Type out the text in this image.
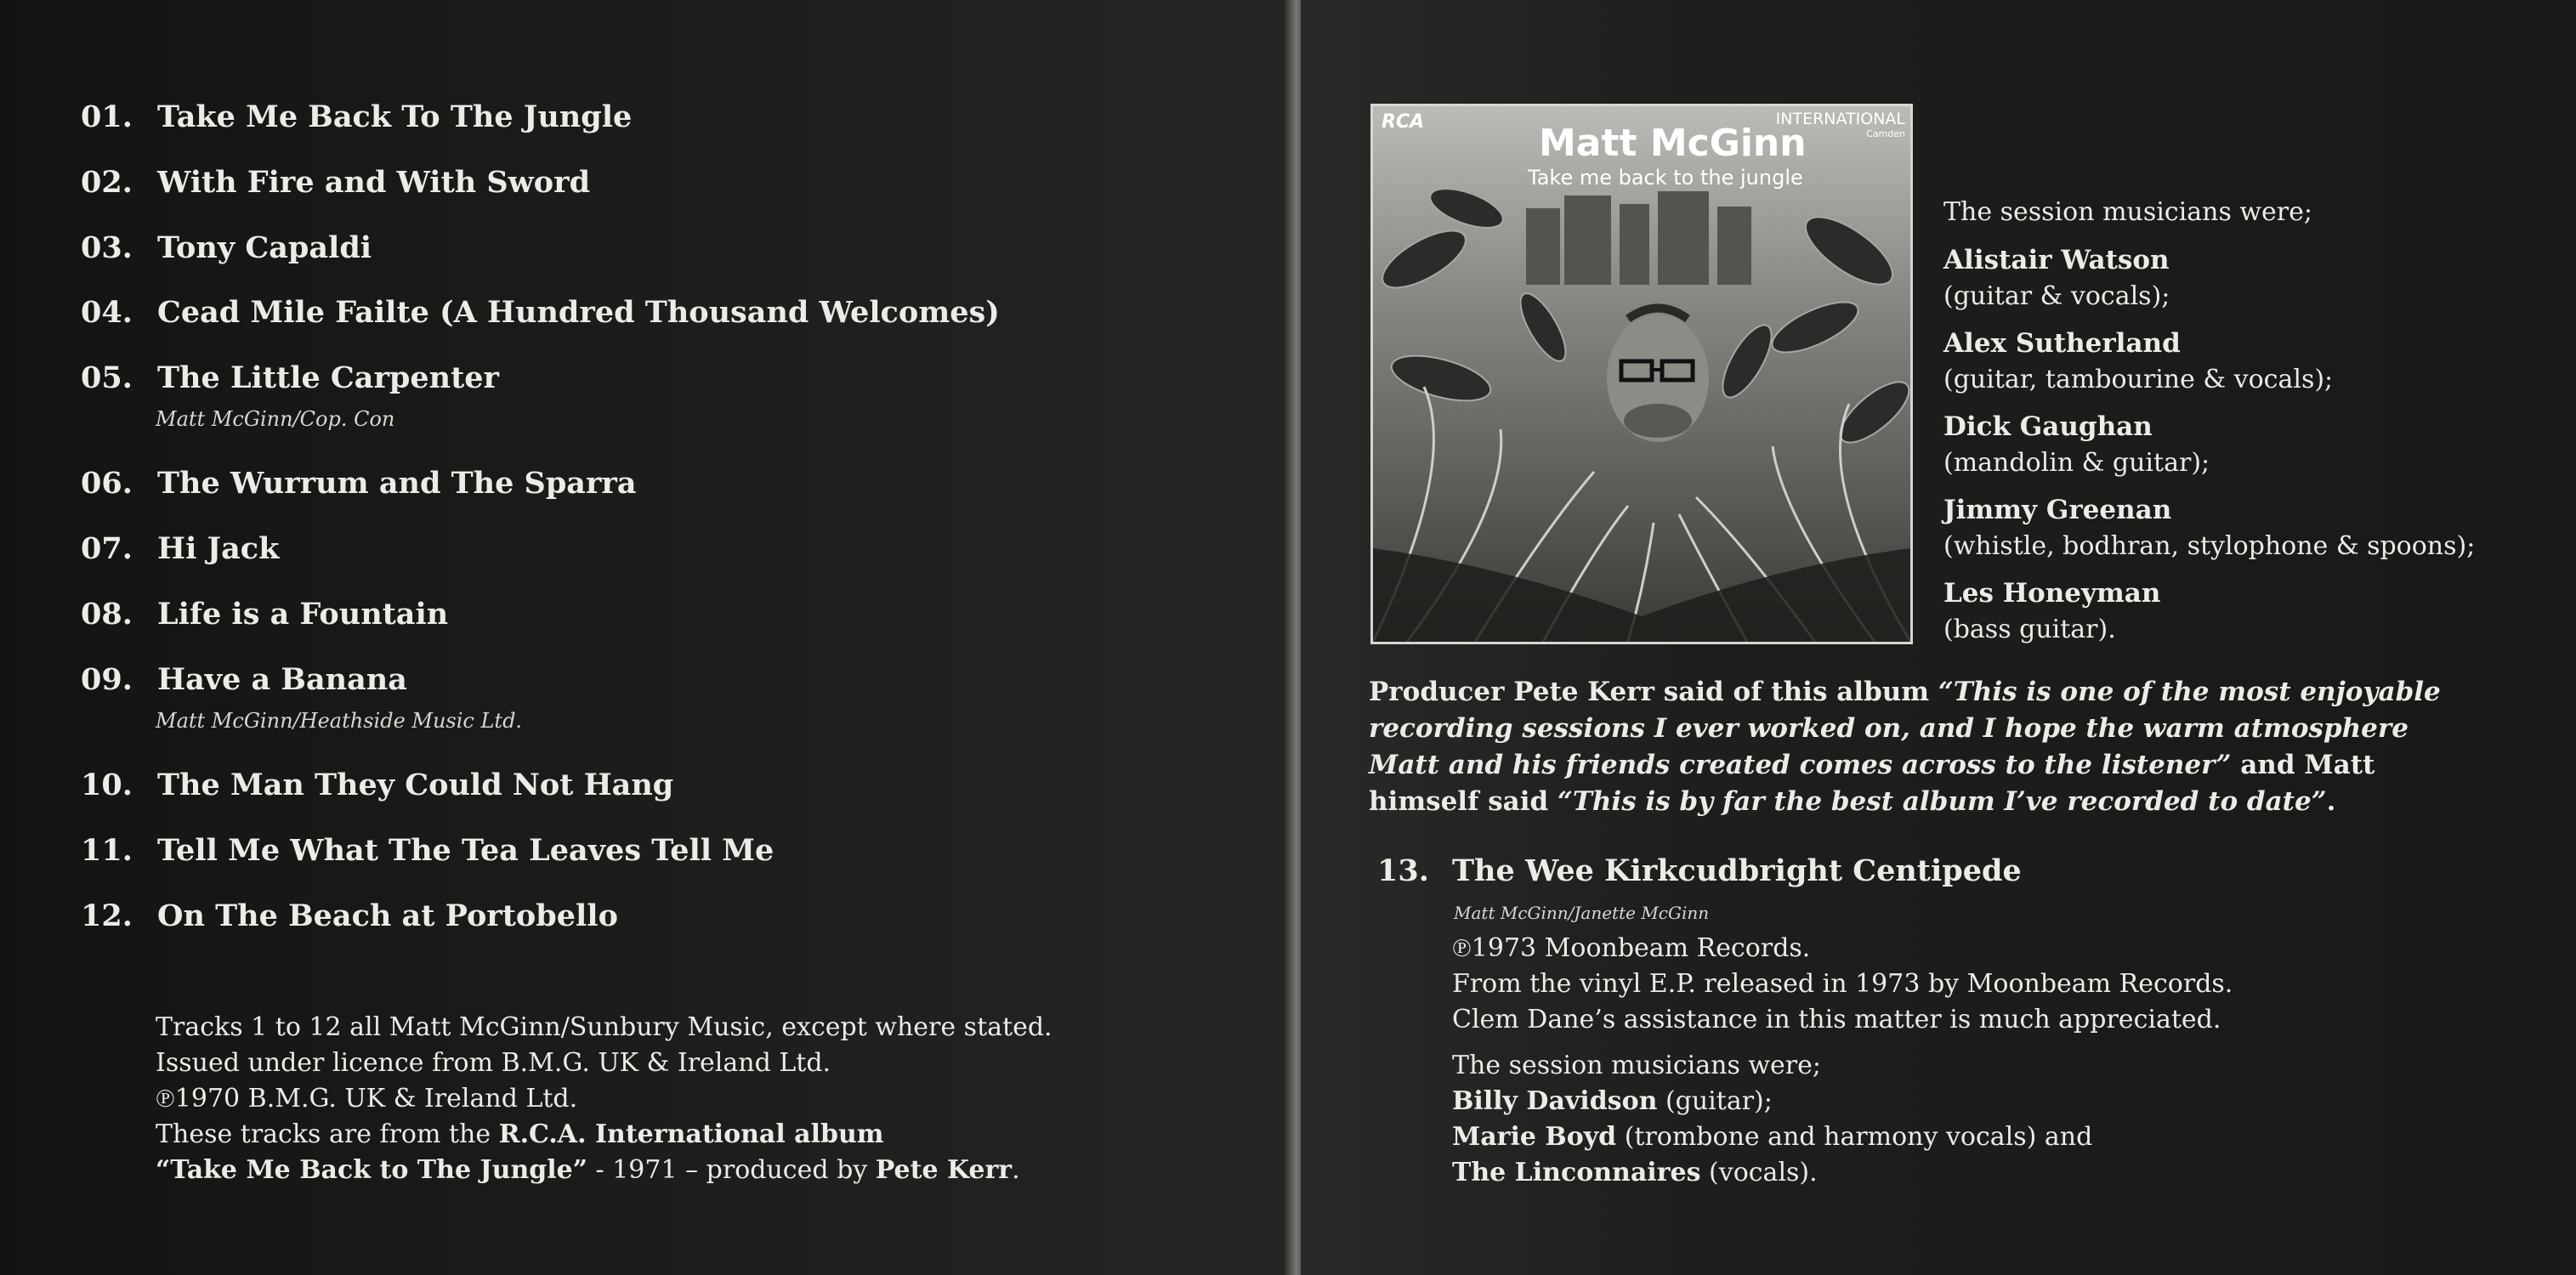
01. Take Me Back To The Jungle
02. With Fire and With Sword
03. Tony Capaldi
04. Cead Mile Failte (A Hundred Thousand Welcomes)
05. The Little Carpenter
Matt McGinn/Cop. Con
06. The Wurrum and The Sparra
07. Hi Jack
08. Life is a Fountain
09. Have a Banana
Matt McGinn/Heathside Music Ltd.
10. The Man They Could Not Hang
11. Tell Me What The Tea Leaves Tell Me
12. On The Beach at Portobello
Tracks 1 to 12 all Matt McGinn/Sunbury Music, except where stated.
Issued under licence from B.M.G. UK & Ireland Ltd.
℗1970 B.M.G. UK & Ireland Ltd.
These tracks are from the R.C.A. International album
“Take Me Back to The Jungle” - 1971 – produced by Pete Kerr.
RCA	INTERNATIONAL
Camden
Matt McGinn
Take me back to the jungle
The session musicians were;
Alistair Watson
(guitar & vocals);
Alex Sutherland
(guitar, tambourine & vocals);
Dick Gaughan
(mandolin & guitar);
Jimmy Greenan
(whistle, bodhran, stylophone & spoons);
Les Honeyman
(bass guitar).
Producer Pete Kerr said of this album “This is one of the most enjoyable
recording sessions I ever worked on, and I hope the warm atmosphere
Matt and his friends created comes across to the listener” and Matt
himself said “This is by far the best album I’ve recorded to date”.
13. The Wee Kirkcudbright Centipede
Matt McGinn/Janette McGinn
℗1973 Moonbeam Records.
From the vinyl E.P. released in 1973 by Moonbeam Records.
Clem Dane’s assistance in this matter is much appreciated.
The session musicians were;
Billy Davidson (guitar);
Marie Boyd (trombone and harmony vocals) and
The Linconnaires (vocals).
